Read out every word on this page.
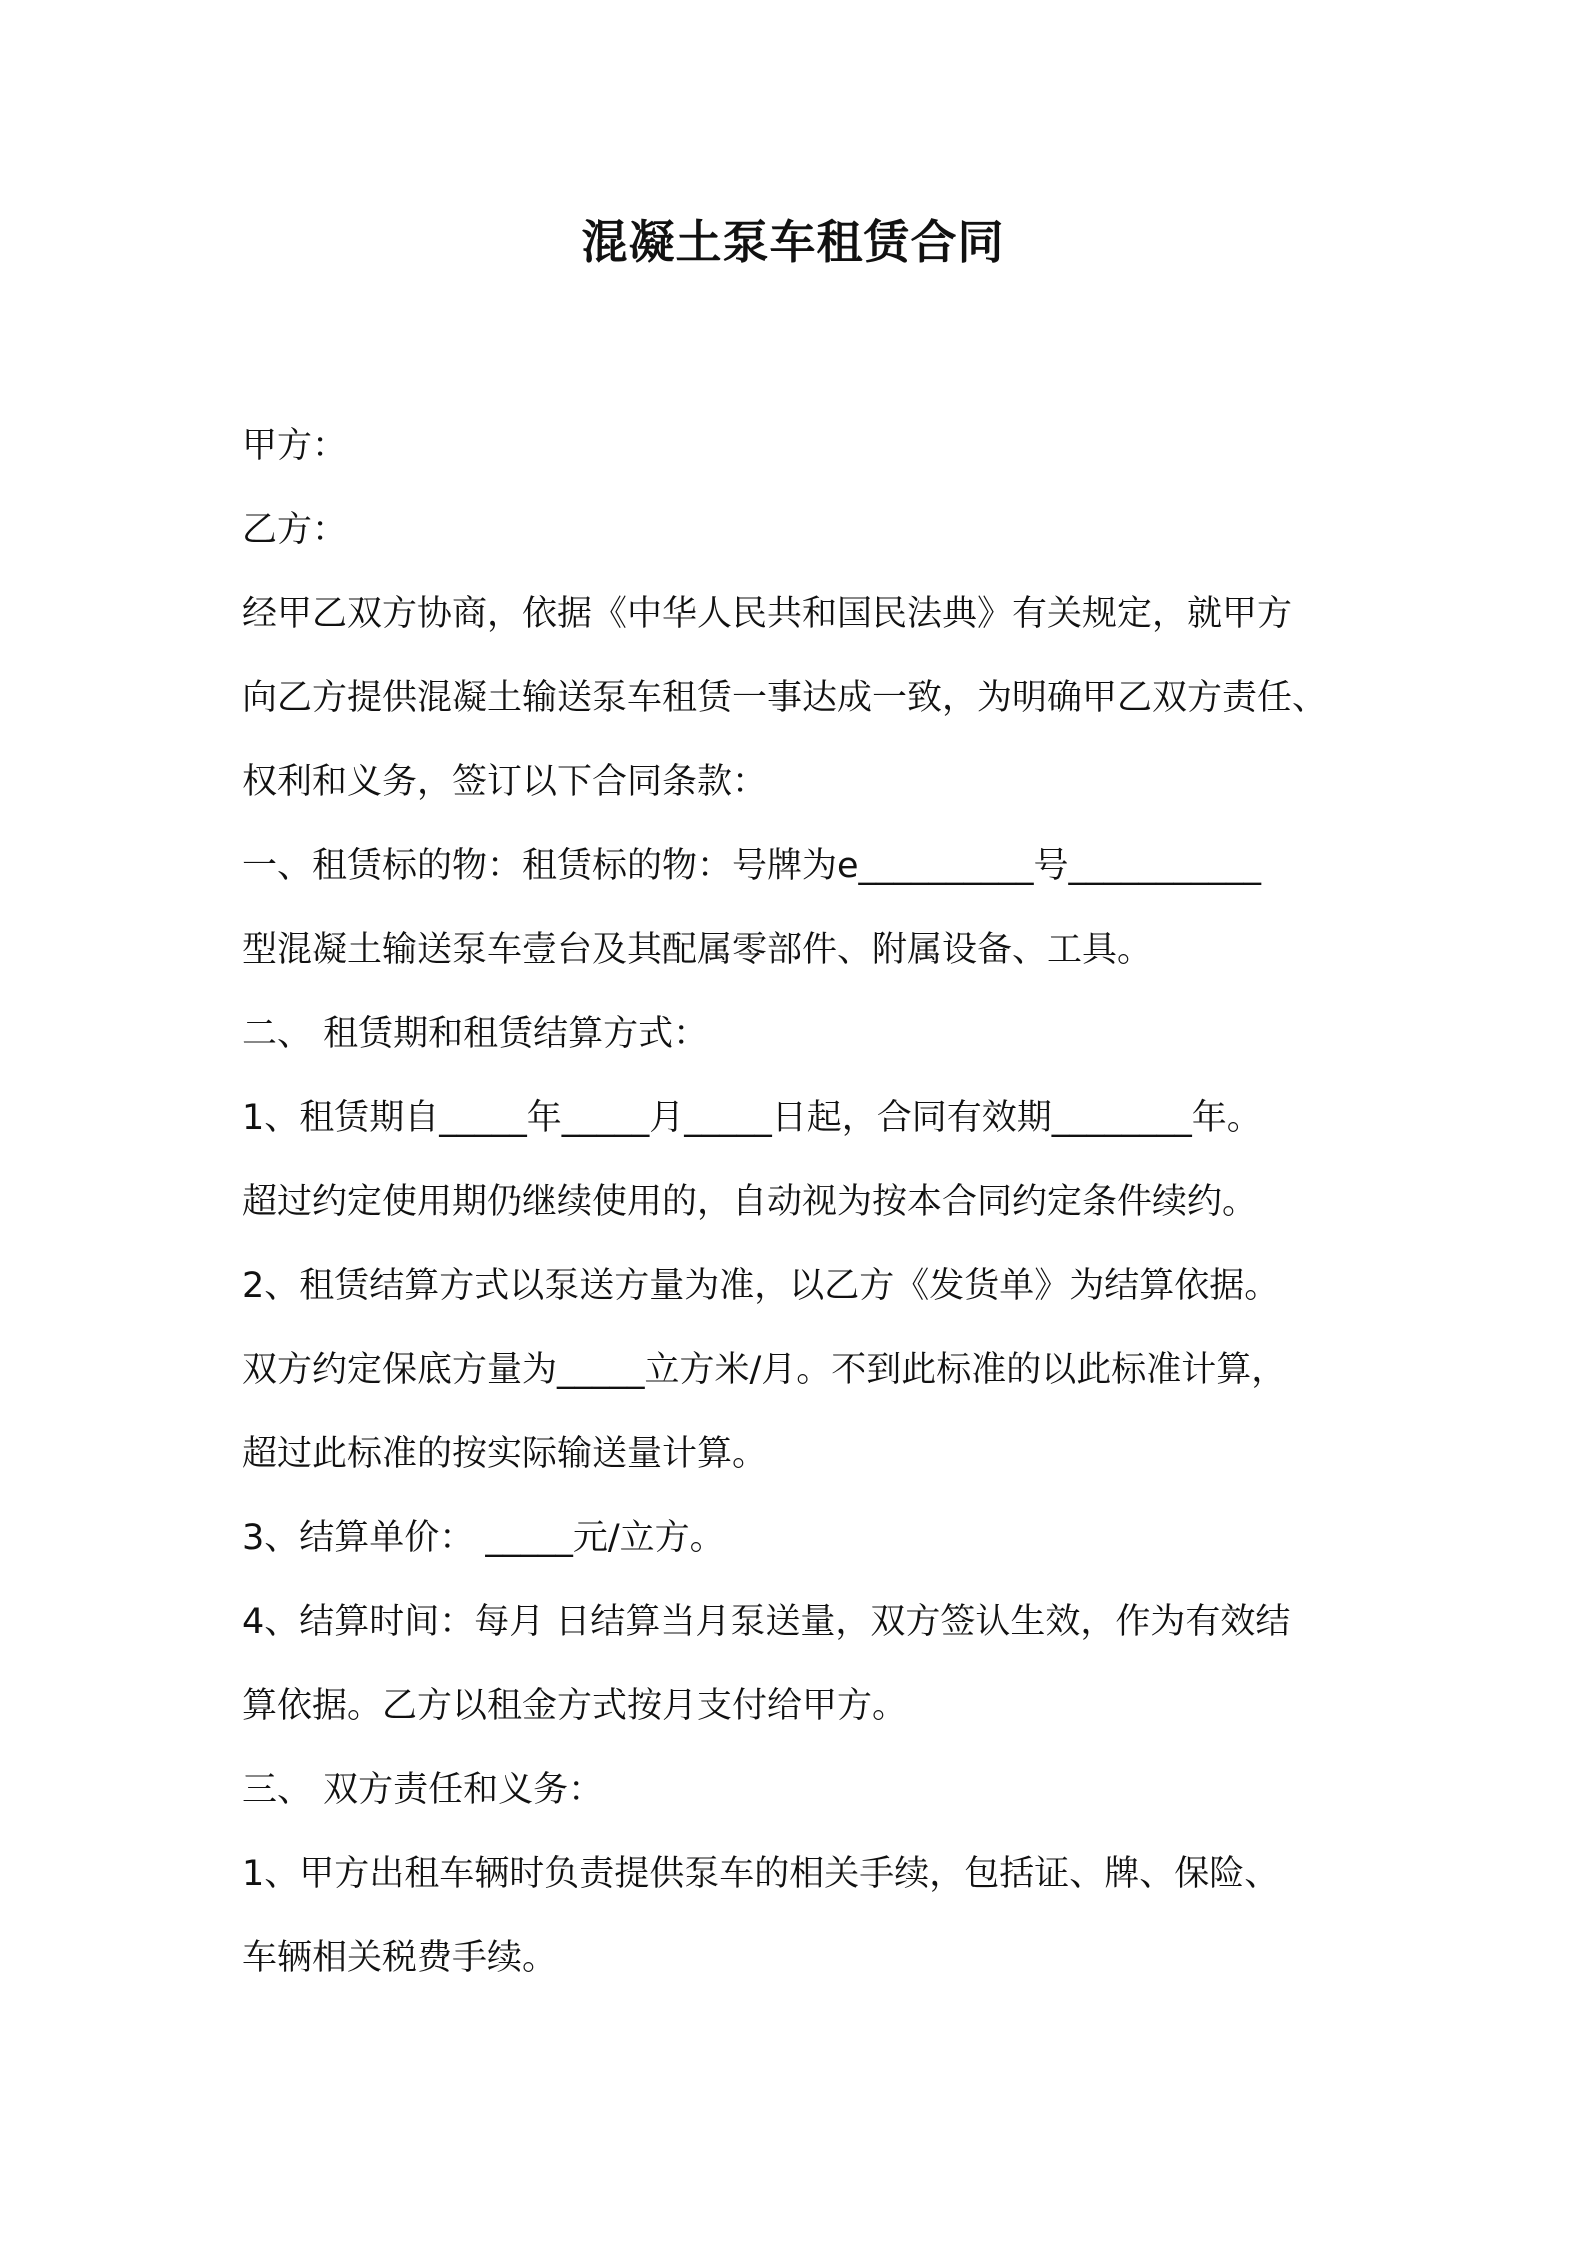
混凝土泵车租赁合同

甲方：

乙方：

经甲乙双方协商，依据《中华人民共和国民法典》有关规定，就甲方

向乙方提供混凝土输送泵车租赁一事达成一致，为明确甲乙双方责任、

权利和义务，签订以下合同条款：

一、租赁标的物：租赁标的物：号牌为e__________号___________

型混凝土输送泵车壹台及其配属零部件、附属设备、工具。

二、 租赁期和租赁结算方式：

1、租赁期自_____年_____月_____日起，合同有效期________年。

超过约定使用期仍继续使用的，自动视为按本合同约定条件续约。

2、租赁结算方式以泵送方量为准，以乙方《发货单》为结算依据。

双方约定保底方量为_____立方米/月。不到此标准的以此标准计算，

超过此标准的按实际输送量计算。

3、结算单价： _____元/立方。

4、结算时间：每月 日结算当月泵送量，双方签认生效，作为有效结

算依据。乙方以租金方式按月支付给甲方。

三、 双方责任和义务：

1、甲方出租车辆时负责提供泵车的相关手续，包括证、牌、保险、

车辆相关税费手续。
